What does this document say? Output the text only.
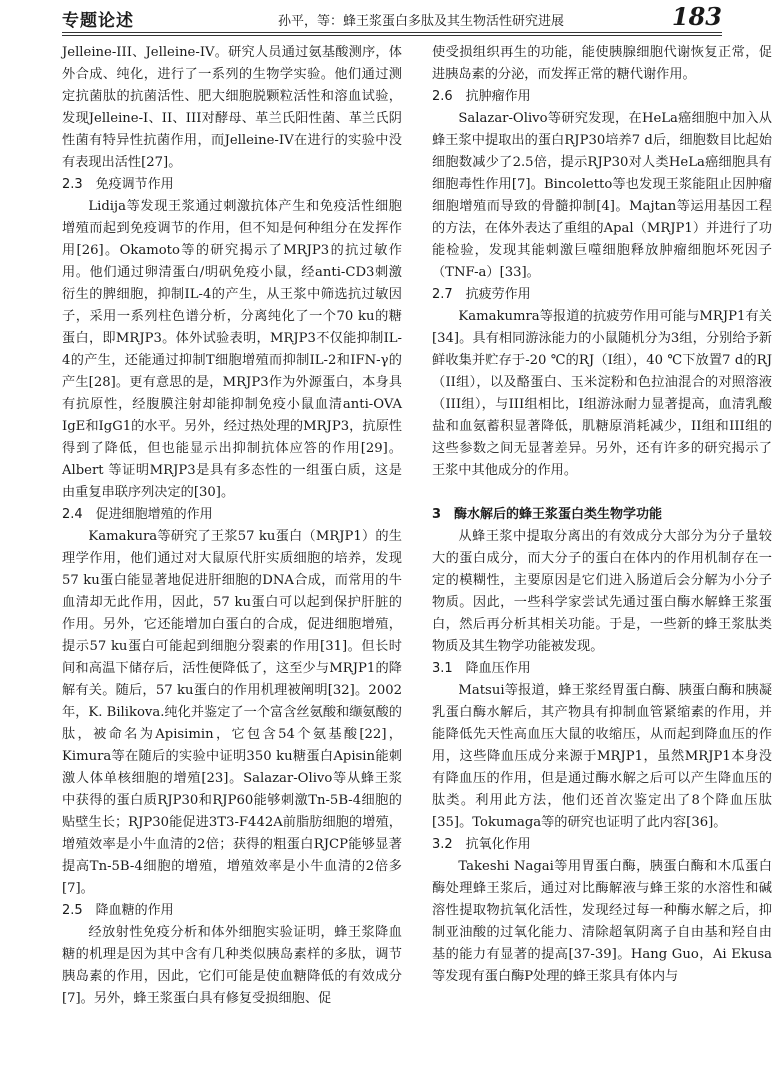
专题论述	孙平，等：蜂王浆蛋白多肽及其生物活性研究进展	183

Jelleine-III、Jelleine-IV。研究人员通过氨基酸测序，体外合成、纯化，进行了一系列的生物学实验。他们通过测定抗菌肽的抗菌活性、肥大细胞脱颗粒活性和溶血试验，发现Jelleine-I、II、III对酵母、革兰氏阳性菌、革兰氏阴性菌有特异性抗菌作用，而Jelleine-IV在进行的实验中没有表现出活性[27]。

2.3　免疫调节作用

Lidija等发现王浆通过刺激抗体产生和免疫活性细胞增殖而起到免疫调节的作用，但不知是何种组分在发挥作用[26]。Okamoto等的研究揭示了MRJP3的抗过敏作用。他们通过卵清蛋白/明矾免疫小鼠，经anti-CD3刺激衍生的脾细胞，抑制IL-4的产生，从王浆中筛选抗过敏因子，采用一系列柱色谱分析，分离纯化了一个70 ku的糖蛋白，即MRJP3。体外试验表明，MRJP3不仅能抑制IL-4的产生，还能通过抑制T细胞增殖而抑制IL-2和IFN-γ的产生[28]。更有意思的是，MRJP3作为外源蛋白，本身具有抗原性，经腹膜注射却能抑制免疫小鼠血清anti-OVA IgE和IgG1的水平。另外，经过热处理的MRJP3，抗原性得到了降低，但也能显示出抑制抗体应答的作用[29]。Albert 等证明MRJP3是具有多态性的一组蛋白质，这是由重复串联序列决定的[30]。

2.4　促进细胞增殖的作用

Kamakura等研究了王浆57 ku蛋白（MRJP1）的生理学作用，他们通过对大鼠原代肝实质细胞的培养，发现57 ku蛋白能显著地促进肝细胞的DNA合成，而常用的牛血清却无此作用，因此，57 ku蛋白可以起到保护肝脏的作用。另外，它还能增加白蛋白的合成，促进细胞增殖，提示57 ku蛋白可能起到细胞分裂素的作用[31]。但长时间和高温下储存后，活性便降低了，这至少与MRJP1的降解有关。随后，57 ku蛋白的作用机理被阐明[32]。2002年，K. Bilikova.纯化并鉴定了一个富含丝氨酸和缬氨酸的肽，被命名为Apisimin，它包含54个氨基酸[22]，Kimura等在随后的实验中证明350 ku糖蛋白Apisin能刺激人体单核细胞的增殖[23]。Salazar-Olivo等从蜂王浆中获得的蛋白质RJP30和RJP60能够刺激Tn-5B-4细胞的贴壁生长；RJP30能促进3T3-F442A前脂肪细胞的增殖，增殖效率是小牛血清的2倍；获得的粗蛋白RJCP能够显著提高Tn-5B-4细胞的增殖，增殖效率是小牛血清的2倍多[7]。

2.5　降血糖的作用

经放射性免疫分析和体外细胞实验证明，蜂王浆降血糖的机理是因为其中含有几种类似胰岛素样的多肽，调节胰岛素的作用，因此，它们可能是使血糖降低的有效成分[7]。另外，蜂王浆蛋白具有修复受损细胞、促

使受损组织再生的功能，能使胰腺细胞代谢恢复正常，促进胰岛素的分泌，而发挥正常的糖代谢作用。

2.6　抗肿瘤作用

Salazar-Olivo等研究发现，在HeLa癌细胞中加入从蜂王浆中提取出的蛋白RJP30培养7 d后，细胞数目比起始细胞数减少了2.5倍，提示RJP30对人类HeLa癌细胞具有细胞毒性作用[7]。Bincoletto等也发现王浆能阻止因肿瘤细胞增殖而导致的骨髓抑制[4]。Majtan等运用基因工程的方法，在体外表达了重组的Apal（MRJP1）并进行了功能检验，发现其能刺激巨噬细胞释放肿瘤细胞坏死因子（TNF-a）[33]。

2.7　抗疲劳作用

Kamakumra等报道的抗疲劳作用可能与MRJP1有关[34]。具有相同游泳能力的小鼠随机分为3组，分别给予新鲜收集并贮存于-20 ℃的RJ（I组），40 ℃下放置7 d的RJ（II组），以及酪蛋白、玉米淀粉和色拉油混合的对照溶液（III组），与III组相比，I组游泳耐力显著提高，血清乳酸盐和血氨蓄积显著降低，肌糖原消耗减少，II组和III组的这些参数之间无显著差异。另外，还有许多的研究揭示了王浆中其他成分的作用。

3　酶水解后的蜂王浆蛋白类生物学功能

从蜂王浆中提取分离出的有效成分大部分为分子量较大的蛋白成分，而大分子的蛋白在体内的作用机制存在一定的模糊性，主要原因是它们进入肠道后会分解为小分子物质。因此，一些科学家尝试先通过蛋白酶水解蜂王浆蛋白，然后再分析其相关功能。于是，一些新的蜂王浆肽类物质及其生物学功能被发现。

3.1　降血压作用

Matsui等报道，蜂王浆经胃蛋白酶、胰蛋白酶和胰凝乳蛋白酶水解后，其产物具有抑制血管紧缩素的作用，并能降低先天性高血压大鼠的收缩压，从而起到降血压的作用，这些降血压成分来源于MRJP1，虽然MRJP1本身没有降血压的作用，但是通过酶水解之后可以产生降血压的肽类。利用此方法，他们还首次鉴定出了8个降血压肽[35]。Tokumaga等的研究也证明了此内容[36]。

3.2　抗氧化作用

Takeshi Nagai等用胃蛋白酶，胰蛋白酶和木瓜蛋白酶处理蜂王浆后，通过对比酶解液与蜂王浆的水溶性和碱溶性提取物抗氧化活性，发现经过每一种酶水解之后，抑制亚油酸的过氧化能力、清除超氧阴离子自由基和羟自由基的能力有显著的提高[37-39]。Hang Guo，Ai Ekusa等发现有蛋白酶P处理的蜂王浆具有体内与
